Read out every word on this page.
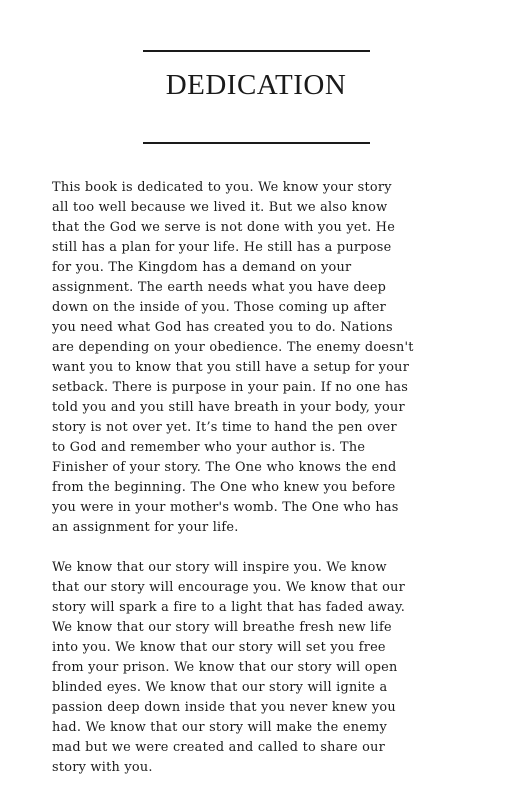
DEDICATION
This book is dedicated to you. We know your story
all too well because we lived it. But we also know
that the God we serve is not done with you yet. He
still has a plan for your life. He still has a purpose
for you. The Kingdom has a demand on your
assignment. The earth needs what you have deep
down on the inside of you. Those coming up after
you need what God has created you to do. Nations
are depending on your obedience. The enemy doesn't
want you to know that you still have a setup for your
setback. There is purpose in your pain. If no one has
told you and you still have breath in your body, your
story is not over yet. It’s time to hand the pen over
to God and remember who your author is. The
Finisher of your story. The One who knows the end
from the beginning. The One who knew you before
you were in your mother's womb. The One who has
an assignment for your life.
We know that our story will inspire you. We know
that our story will encourage you. We know that our
story will spark a fire to a light that has faded away.
We know that our story will breathe fresh new life
into you. We know that our story will set you free
from your prison. We know that our story will open
blinded eyes. We know that our story will ignite a
passion deep down inside that you never knew you
had. We know that our story will make the enemy
mad but we were created and called to share our
story with you.
